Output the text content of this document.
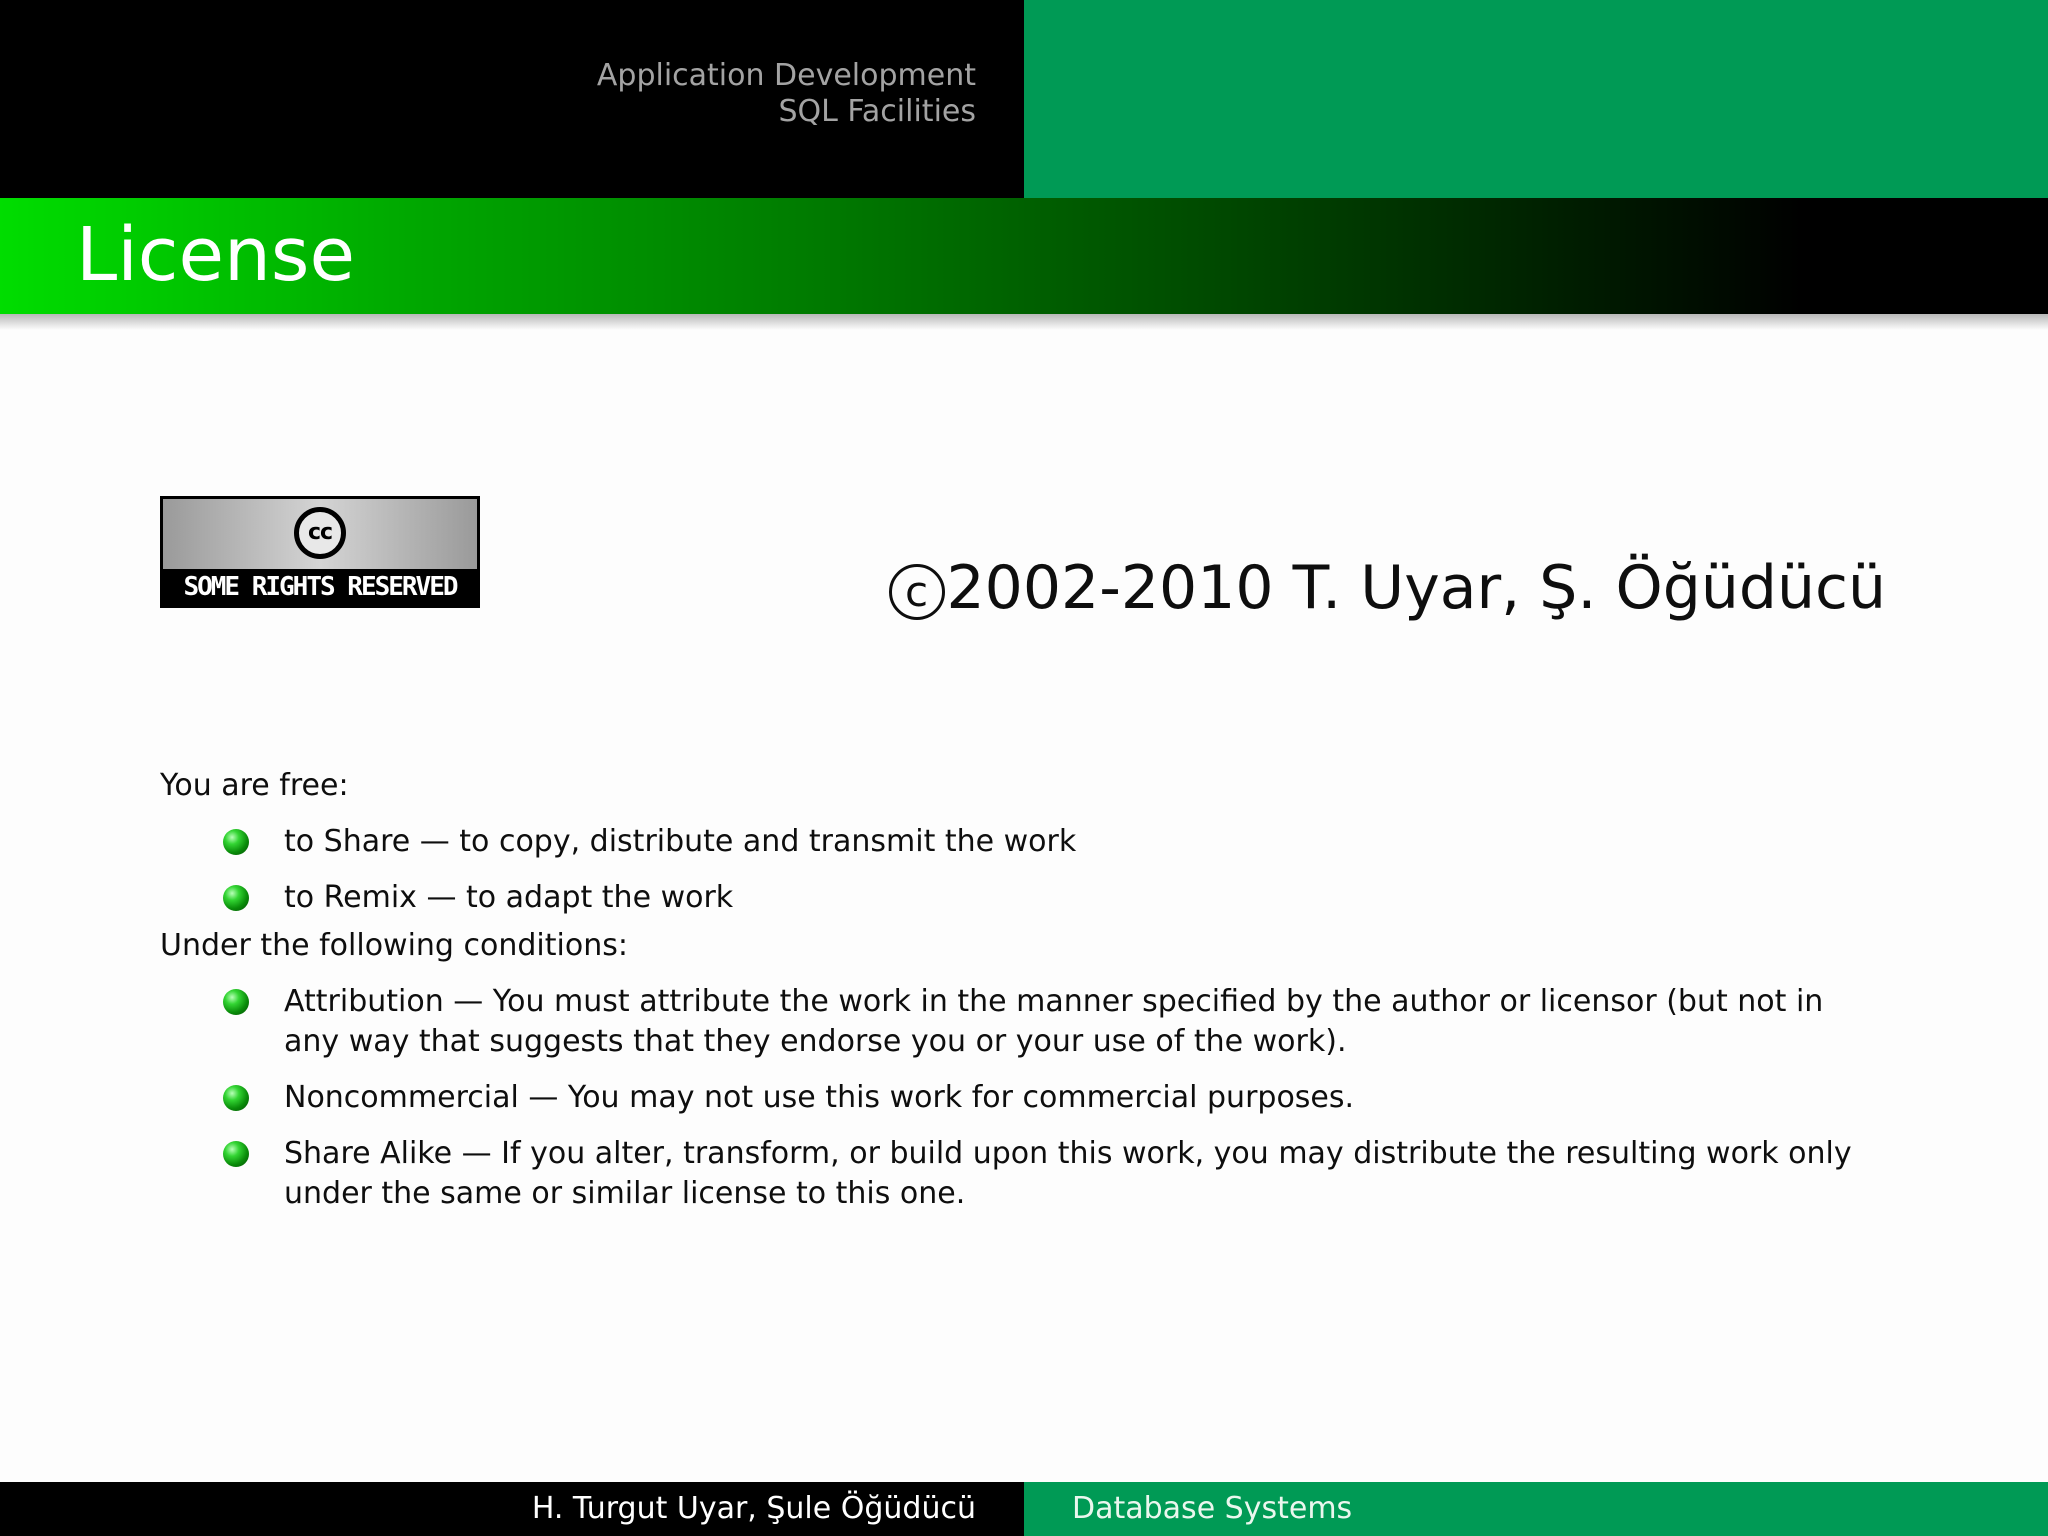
Application Development
SQL Facilities
License
cc
SOME RIGHTS RESERVED	c 2002-2010 T. Uyar, Ş. Öğüdücü
You are free:
to Share — to copy, distribute and transmit the work
to Remix — to adapt the work
Under the following conditions:
Attribution — You must attribute the work in the manner specified by the author or licensor (but not in any way that suggests that they endorse you or your use of the work).
Noncommercial — You may not use this work for commercial purposes.
Share Alike — If you alter, transform, or build upon this work, you may distribute the resulting work only under the same or similar license to this one.
H. Turgut Uyar, Şule Öğüdücü	Database Systems
